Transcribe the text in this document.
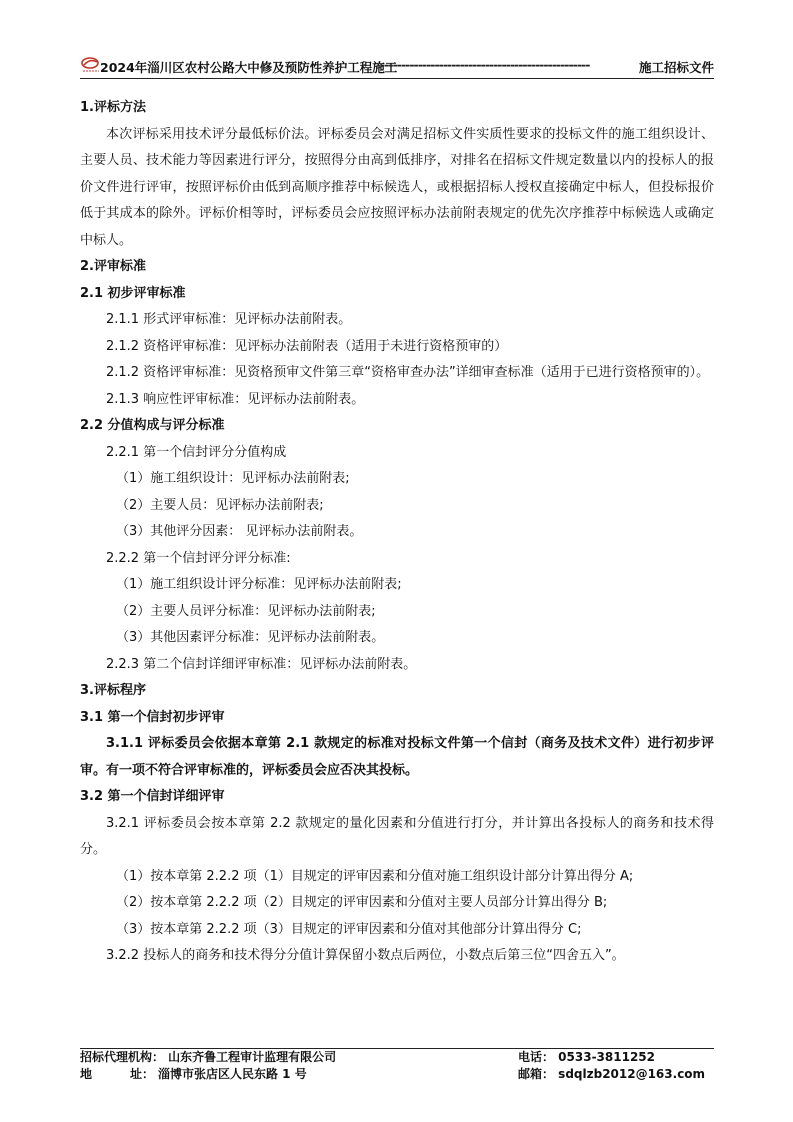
2024年淄川区农村公路大中修及预防性养护工程施工
--------------------------------------------------	施工招标文件

1.评标方法

本次评标采用技术评分最低标价法。评标委员会对满足招标文件实质性要求的投标文件的施工组织设计、主要人员、技术能力等因素进行评分，按照得分由高到低排序，对排名在招标文件规定数量以内的投标人的报价文件进行评审，按照评标价由低到高顺序推荐中标候选人，或根据招标人授权直接确定中标人，但投标报价低于其成本的除外。评标价相等时，评标委员会应按照评标办法前附表规定的优先次序推荐中标候选人或确定中标人。

2.评审标准

2.1 初步评审标准

2.1.1 形式评审标准：见评标办法前附表。

2.1.2 资格评审标准：见评标办法前附表（适用于未进行资格预审的）

2.1.2 资格评审标准：见资格预审文件第三章“资格审查办法”详细审查标准（适用于已进行资格预审的）。

2.1.3 响应性评审标准：见评标办法前附表。

2.2 分值构成与评分标准

2.2.1 第一个信封评分分值构成

（1）施工组织设计：见评标办法前附表;

（2）主要人员：见评标办法前附表;

（3）其他评分因素： 见评标办法前附表。

2.2.2 第一个信封评分评分标准:

（1）施工组织设计评分标准：见评标办法前附表;

（2）主要人员评分标准：见评标办法前附表;

（3）其他因素评分标准：见评标办法前附表。

2.2.3 第二个信封详细评审标准：见评标办法前附表。

3.评标程序

3.1 第一个信封初步评审

3.1.1 评标委员会依据本章第 2.1 款规定的标准对投标文件第一个信封（商务及技术文件）进行初步评审。有一项不符合评审标准的，评标委员会应否决其投标。

3.2 第一个信封详细评审

3.2.1 评标委员会按本章第 2.2 款规定的量化因素和分值进行打分，并计算出各投标人的商务和技术得分。

（1）按本章第 2.2.2 项（1）目规定的评审因素和分值对施工组织设计部分计算出得分 A;

（2）按本章第 2.2.2 项（2）目规定的评审因素和分值对主要人员部分计算出得分 B;

（3）按本章第 2.2.2 项（3）目规定的评审因素和分值对其他部分计算出得分 C;

3.2.2 投标人的商务和技术得分分值计算保留小数点后两位，小数点后第三位“四舍五入”。

招标代理机构： 山东齐鲁工程审计监理有限公司	电话： 0533-3811252
地	址： 淄博市张店区人民东路 1 号	邮箱： sdqlzb2012@163.com
